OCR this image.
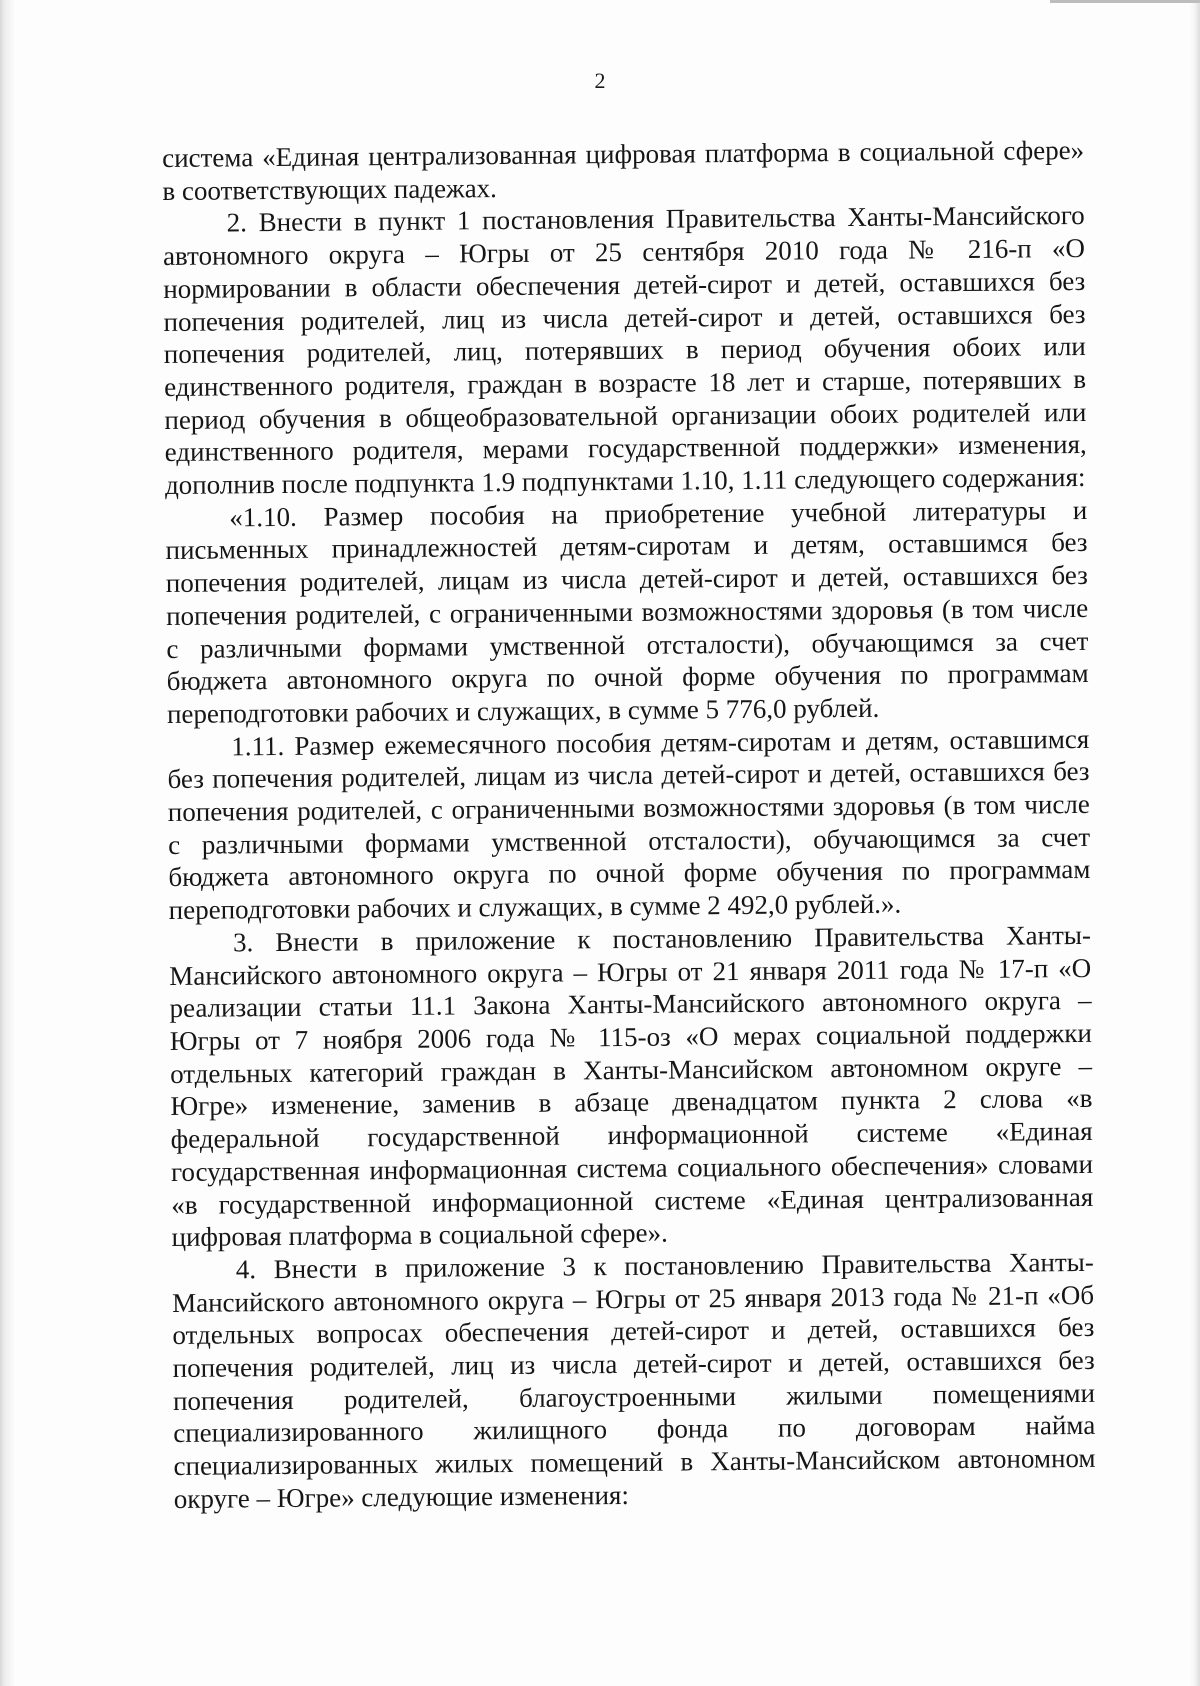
2

система «Единая централизованная цифровая платформа в социальной сфере» в соответствующих падежах.

2. Внести в пункт 1 постановления Правительства Ханты-Мансийского автономного округа – Югры от 25 сентября 2010 года № 216-п «О нормировании в области обеспечения детей-сирот и детей, оставшихся без попечения родителей, лиц из числа детей-сирот и детей, оставшихся без попечения родителей, лиц, потерявших в период обучения обоих или единственного родителя, граждан в возрасте 18 лет и старше, потерявших в период обучения в общеобразовательной организации обоих родителей или единственного родителя, мерами государственной поддержки» изменения, дополнив после подпункта 1.9 подпунктами 1.10, 1.11 следующего содержания:

«1.10. Размер пособия на приобретение учебной литературы и письменных принадлежностей детям-сиротам и детям, оставшимся без попечения родителей, лицам из числа детей-сирот и детей, оставшихся без попечения родителей, с ограниченными возможностями здоровья (в том числе с различными формами умственной отсталости), обучающимся за счет бюджета автономного округа по очной форме обучения по программам переподготовки рабочих и служащих, в сумме 5 776,0 рублей.

1.11. Размер ежемесячного пособия детям-сиротам и детям, оставшимся без попечения родителей, лицам из числа детей-сирот и детей, оставшихся без попечения родителей, с ограниченными возможностями здоровья (в том числе с различными формами умственной отсталости), обучающимся за счет бюджета автономного округа по очной форме обучения по программам переподготовки рабочих и служащих, в сумме 2 492,0 рублей.».

3. Внести в приложение к постановлению Правительства Ханты-Мансийского автономного округа – Югры от 21 января 2011 года № 17-п «О реализации статьи 11.1 Закона Ханты-Мансийского автономного округа – Югры от 7 ноября 2006 года № 115-оз «О мерах социальной поддержки отдельных категорий граждан в Ханты-Мансийском автономном округе – Югре» изменение, заменив в абзаце двенадцатом пункта 2 слова «в федеральной государственной информационной системе «Единая государственная информационная система социального обеспечения» словами «в государственной информационной системе «Единая централизованная цифровая платформа в социальной сфере».

4. Внести в приложение 3 к постановлению Правительства Ханты-Мансийского автономного округа – Югры от 25 января 2013 года № 21-п «Об отдельных вопросах обеспечения детей-сирот и детей, оставшихся без попечения родителей, лиц из числа детей-сирот и детей, оставшихся без попечения родителей, благоустроенными жилыми помещениями специализированного жилищного фонда по договорам найма специализированных жилых помещений в Ханты-Мансийском автономном округе – Югре» следующие изменения:
